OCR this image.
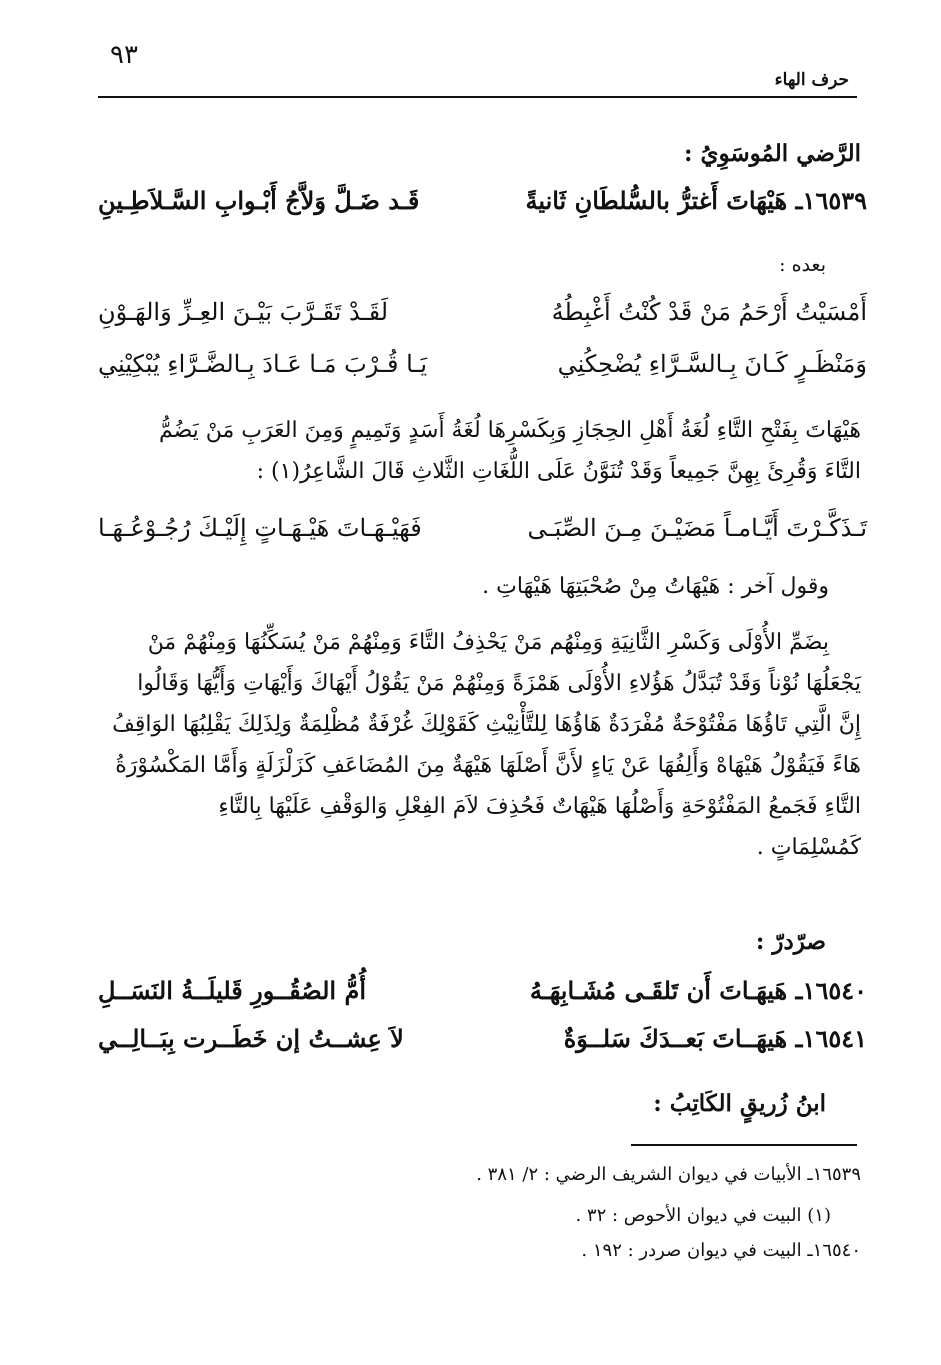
٩٣
حرف الهاء
الرَّضي المُوسَوِيُ :
١٦٥٣٩ـ هَيْهَاتَ أَغترُّ بالسُّلطَانِ ثَانيةً
قَـد ضَـلَّ وَلاَّجُ أَبْـوابِ السَّـلاَطِـينِ
بعده :
أَمْسَيْتُ أَرْحَمُ مَنْ قَدْ كُنْتُ أَغْبِطُهُ
لَقَـدْ تَقَـرَّبَ بَيْـنَ العِـزِّ وَالهَـوْنِ
وَمَنْظَـرٍ كَـانَ بِـالسَّـرَّاءِ يُضْحِكُنِي
يَـا قُـرْبَ مَـا عَـادَ بِـالضَّـرَّاءِ يُبْكِيْنِي
هَيْهَاتَ بِفَتْحِ التَّاءِ لُغَةُ أَهْلِ الحِجَازِ وَبِكَسْرِهَا لُغَةُ أَسَدٍ وَتَمِيمٍ وَمِنَ العَرَبِ مَنْ يَضُمُّ
التَّاءَ وَقُرِئَ بِهِنَّ جَمِيعاً وَقَدْ تُنَوَّنُ عَلَى اللُّغَاتِ الثَّلاثِ قَالَ الشَّاعِرُ(١) :
تَـذَكَّـرْتَ أَيَّـامـاً مَضَيْـنَ مِـنَ الصِّبَـى
فَهَيْـهَـاتَ هَيْـهَـاتٍ إِلَيْـكَ رُجُـوْعُـهَـا
وقول آخر : هَيْهَاتُ مِنْ صُحْبَتِهَا هَيْهَاتِ .
بِضَمِّ الأُوْلَى وَكَسْرِ الثَّانِيَةِ وَمِنْهُم مَنْ يَحْذِفُ التَّاءَ وَمِنْهُمْ مَنْ يُسَكِّنُهَا وَمِنْهُمْ مَنْ
يَجْعَلُهَا نُوْناً وَقَدْ تُبَدَّلُ هَؤُلاءِ الأُوْلَى هَمْزَةً وَمِنْهُمْ مَنْ يَقُوْلُ أَيْهَاكَ وَأَيْهَاتِ وَأَيُّهَا وَقَالُوا
إِنَّ الَّتِي تَاؤُهَا مَفْتُوْحَةٌ مُفْرَدَةٌ هَاؤُهَا لِلتَّأْنِيْثِ كَقَوْلِكَ غُرْفَةٌ مُظْلِمَةٌ وَلِذَلِكَ يَقْلِبُهَا الوَاقِفُ
هَاءً فَيَقُوْلُ هَيْهَاهْ وَأَلِفُهَا عَنْ يَاءٍ لأَنَّ أَصْلَهَا هَيْهَةٌ مِنَ المُضَاعَفِ كَزَلْزَلَةٍ وَأَمَّا المَكْسُوْرَةُ
التَّاءِ فَجَمعُ المَفْتُوْحَةِ وَأَصْلُهَا هَيْهَاتٌ فَحُذِفَ لاَمَ الفِعْلِ وَالوَقْفِ عَلَيْهَا بِالتَّاءِ
كَمُسْلِمَاتٍ .
صرّدرّ :
١٦٥٤٠ـ هَيهَـاتَ أَن تَلقَـى مُشَـابِهَـهُ
أُمُّ الصُقُــورِ قَليلَــةُ النَسَــلِ
١٦٥٤١ـ هَيهَــاتَ بَعــدَكَ سَلــوَةٌ
لاَ عِشــتُ إن خَطَــرت بِبَــالِــي
ابنُ زُريقٍ الكَاتِبُ :
١٦٥٣٩ـ الأبيات في ديوان الشريف الرضي : ٢/ ٣٨١ .
(١) البيت في ديوان الأحوص : ٣٢ .
١٦٥٤٠ـ البيت في ديوان صردر : ١٩٢ .
